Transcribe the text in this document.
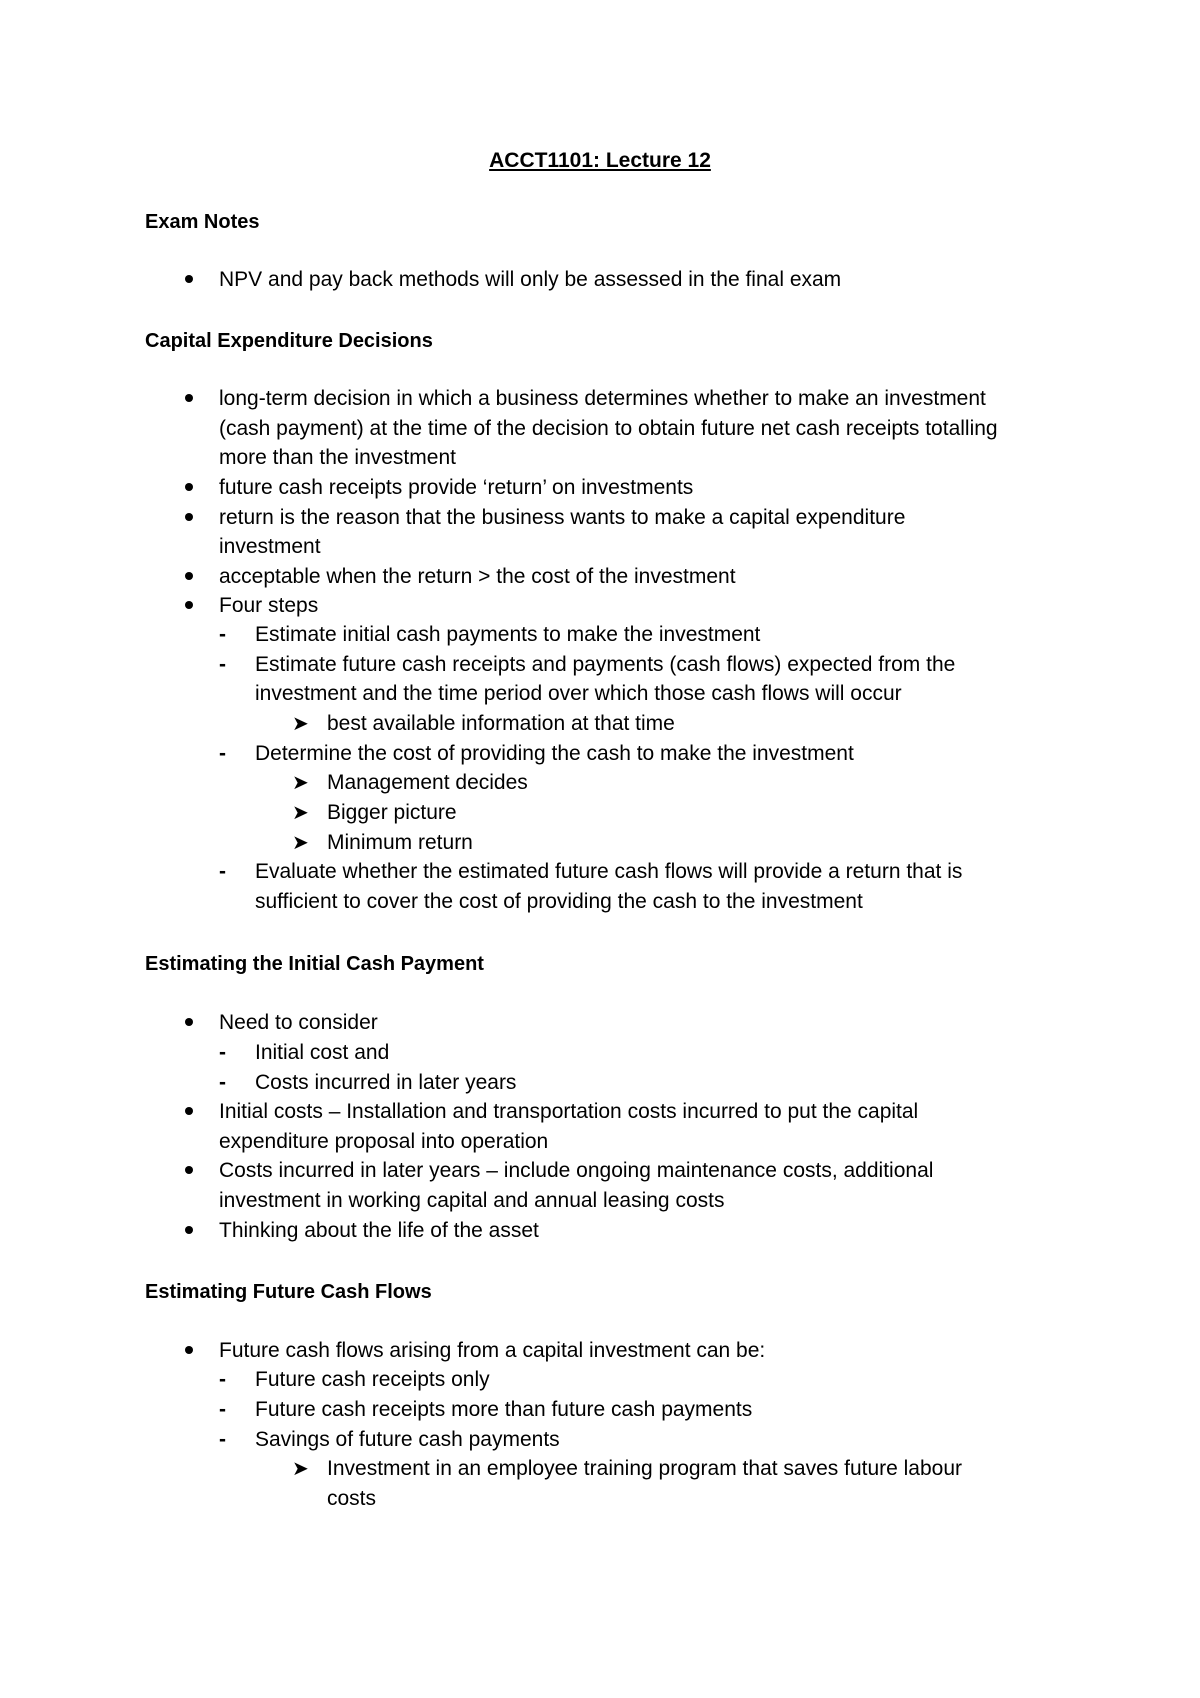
ACCT1101: Lecture 12
Exam Notes
NPV and pay back methods will only be assessed in the final exam
Capital Expenditure Decisions
long-term decision in which a business determines whether to make an investment
(cash payment) at the time of the decision to obtain future net cash receipts totalling
more than the investment
future cash receipts provide ‘return’ on investments
return is the reason that the business wants to make a capital expenditure
investment
acceptable when the return > the cost of the investment
Four steps
- Estimate initial cash payments to make the investment
- Estimate future cash receipts and payments (cash flows) expected from the
investment and the time period over which those cash flows will occur
➤ best available information at that time
- Determine the cost of providing the cash to make the investment
➤ Management decides
➤ Bigger picture
➤ Minimum return
- Evaluate whether the estimated future cash flows will provide a return that is
sufficient to cover the cost of providing the cash to the investment
Estimating the Initial Cash Payment
Need to consider
- Initial cost and
- Costs incurred in later years
Initial costs – Installation and transportation costs incurred to put the capital
expenditure proposal into operation
Costs incurred in later years – include ongoing maintenance costs, additional
investment in working capital and annual leasing costs
Thinking about the life of the asset
Estimating Future Cash Flows
Future cash flows arising from a capital investment can be:
- Future cash receipts only
- Future cash receipts more than future cash payments
- Savings of future cash payments
➤ Investment in an employee training program that saves future labour
costs
